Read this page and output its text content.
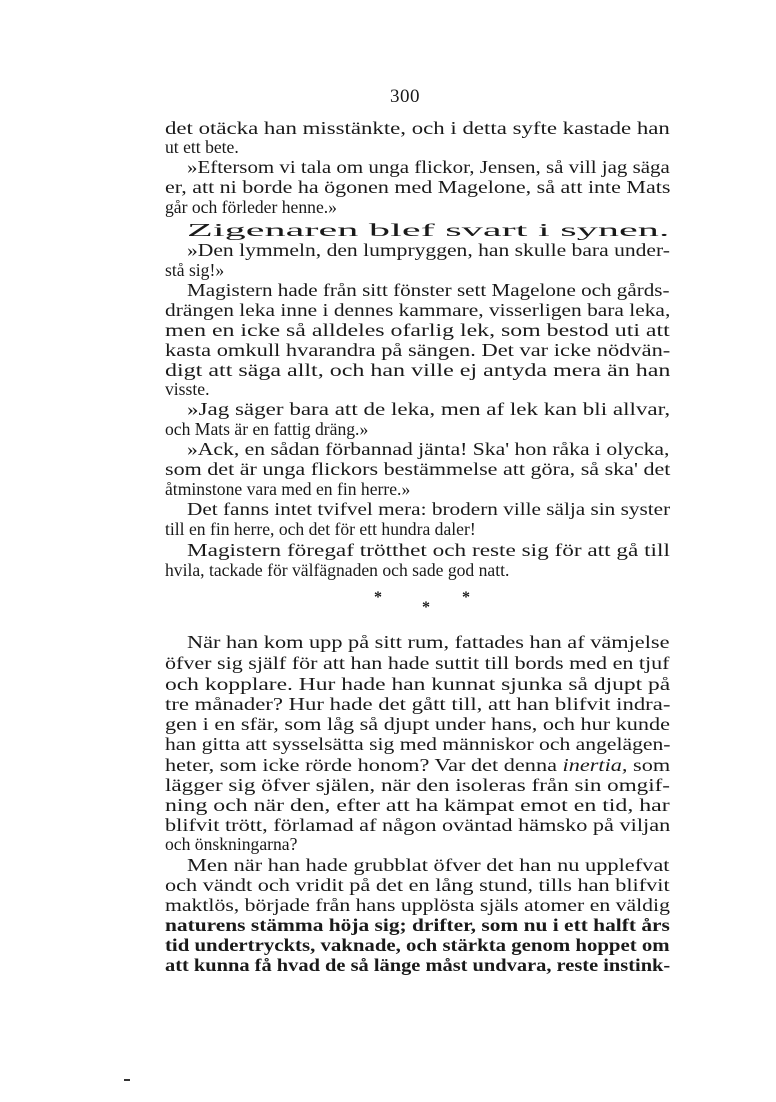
300
det otäcka han misstänkte, och i detta syfte kastade han
ut ett bete.
»Eftersom vi tala om unga flickor, Jensen, så vill jag säga
er, att ni borde ha ögonen med Magelone, så att inte Mats
går och förleder henne.»
Zigenaren blef svart i synen.
»Den lymmeln, den lumpryggen, han skulle bara under-
stå sig!»
Magistern hade från sitt fönster sett Magelone och gårds-
drängen leka inne i dennes kammare, visserligen bara leka,
men en icke så alldeles ofarlig lek, som bestod uti att
kasta omkull hvarandra på sängen. Det var icke nödvän-
digt att säga allt, och han ville ej antyda mera än han
visste.
»Jag säger bara att de leka, men af lek kan bli allvar,
och Mats är en fattig dräng.»
»Ack, en sådan förbannad jänta! Ska' hon råka i olycka,
som det är unga flickors bestämmelse att göra, så ska' det
åtminstone vara med en fin herre.»
Det fanns intet tvifvel mera: brodern ville sälja sin syster
till en fin herre, och det för ett hundra daler!
Magistern föregaf trötthet och reste sig för att gå till
hvila, tackade för välfägnaden och sade god natt.
*
*
*
När han kom upp på sitt rum, fattades han af vämjelse
öfver sig själf för att han hade suttit till bords med en tjuf
och kopplare. Hur hade han kunnat sjunka så djupt på
tre månader? Hur hade det gått till, att han blifvit indra-
gen i en sfär, som låg så djupt under hans, och hur kunde
han gitta att sysselsätta sig med människor och angelägen-
heter, som icke rörde honom? Var det denna inertia, som
lägger sig öfver själen, när den isoleras från sin omgif-
ning och när den, efter att ha kämpat emot en tid, har
blifvit trött, förlamad af någon oväntad hämsko på viljan
och önskningarna?
Men när han hade grubblat öfver det han nu upplefvat
och vändt och vridit på det en lång stund, tills han blifvit
maktlös, började från hans upplösta själs atomer en väldig
naturens stämma höja sig; drifter, som nu i ett halft års
tid undertryckts, vaknade, och stärkta genom hoppet om
att kunna få hvad de så länge måst undvara, reste instink-
